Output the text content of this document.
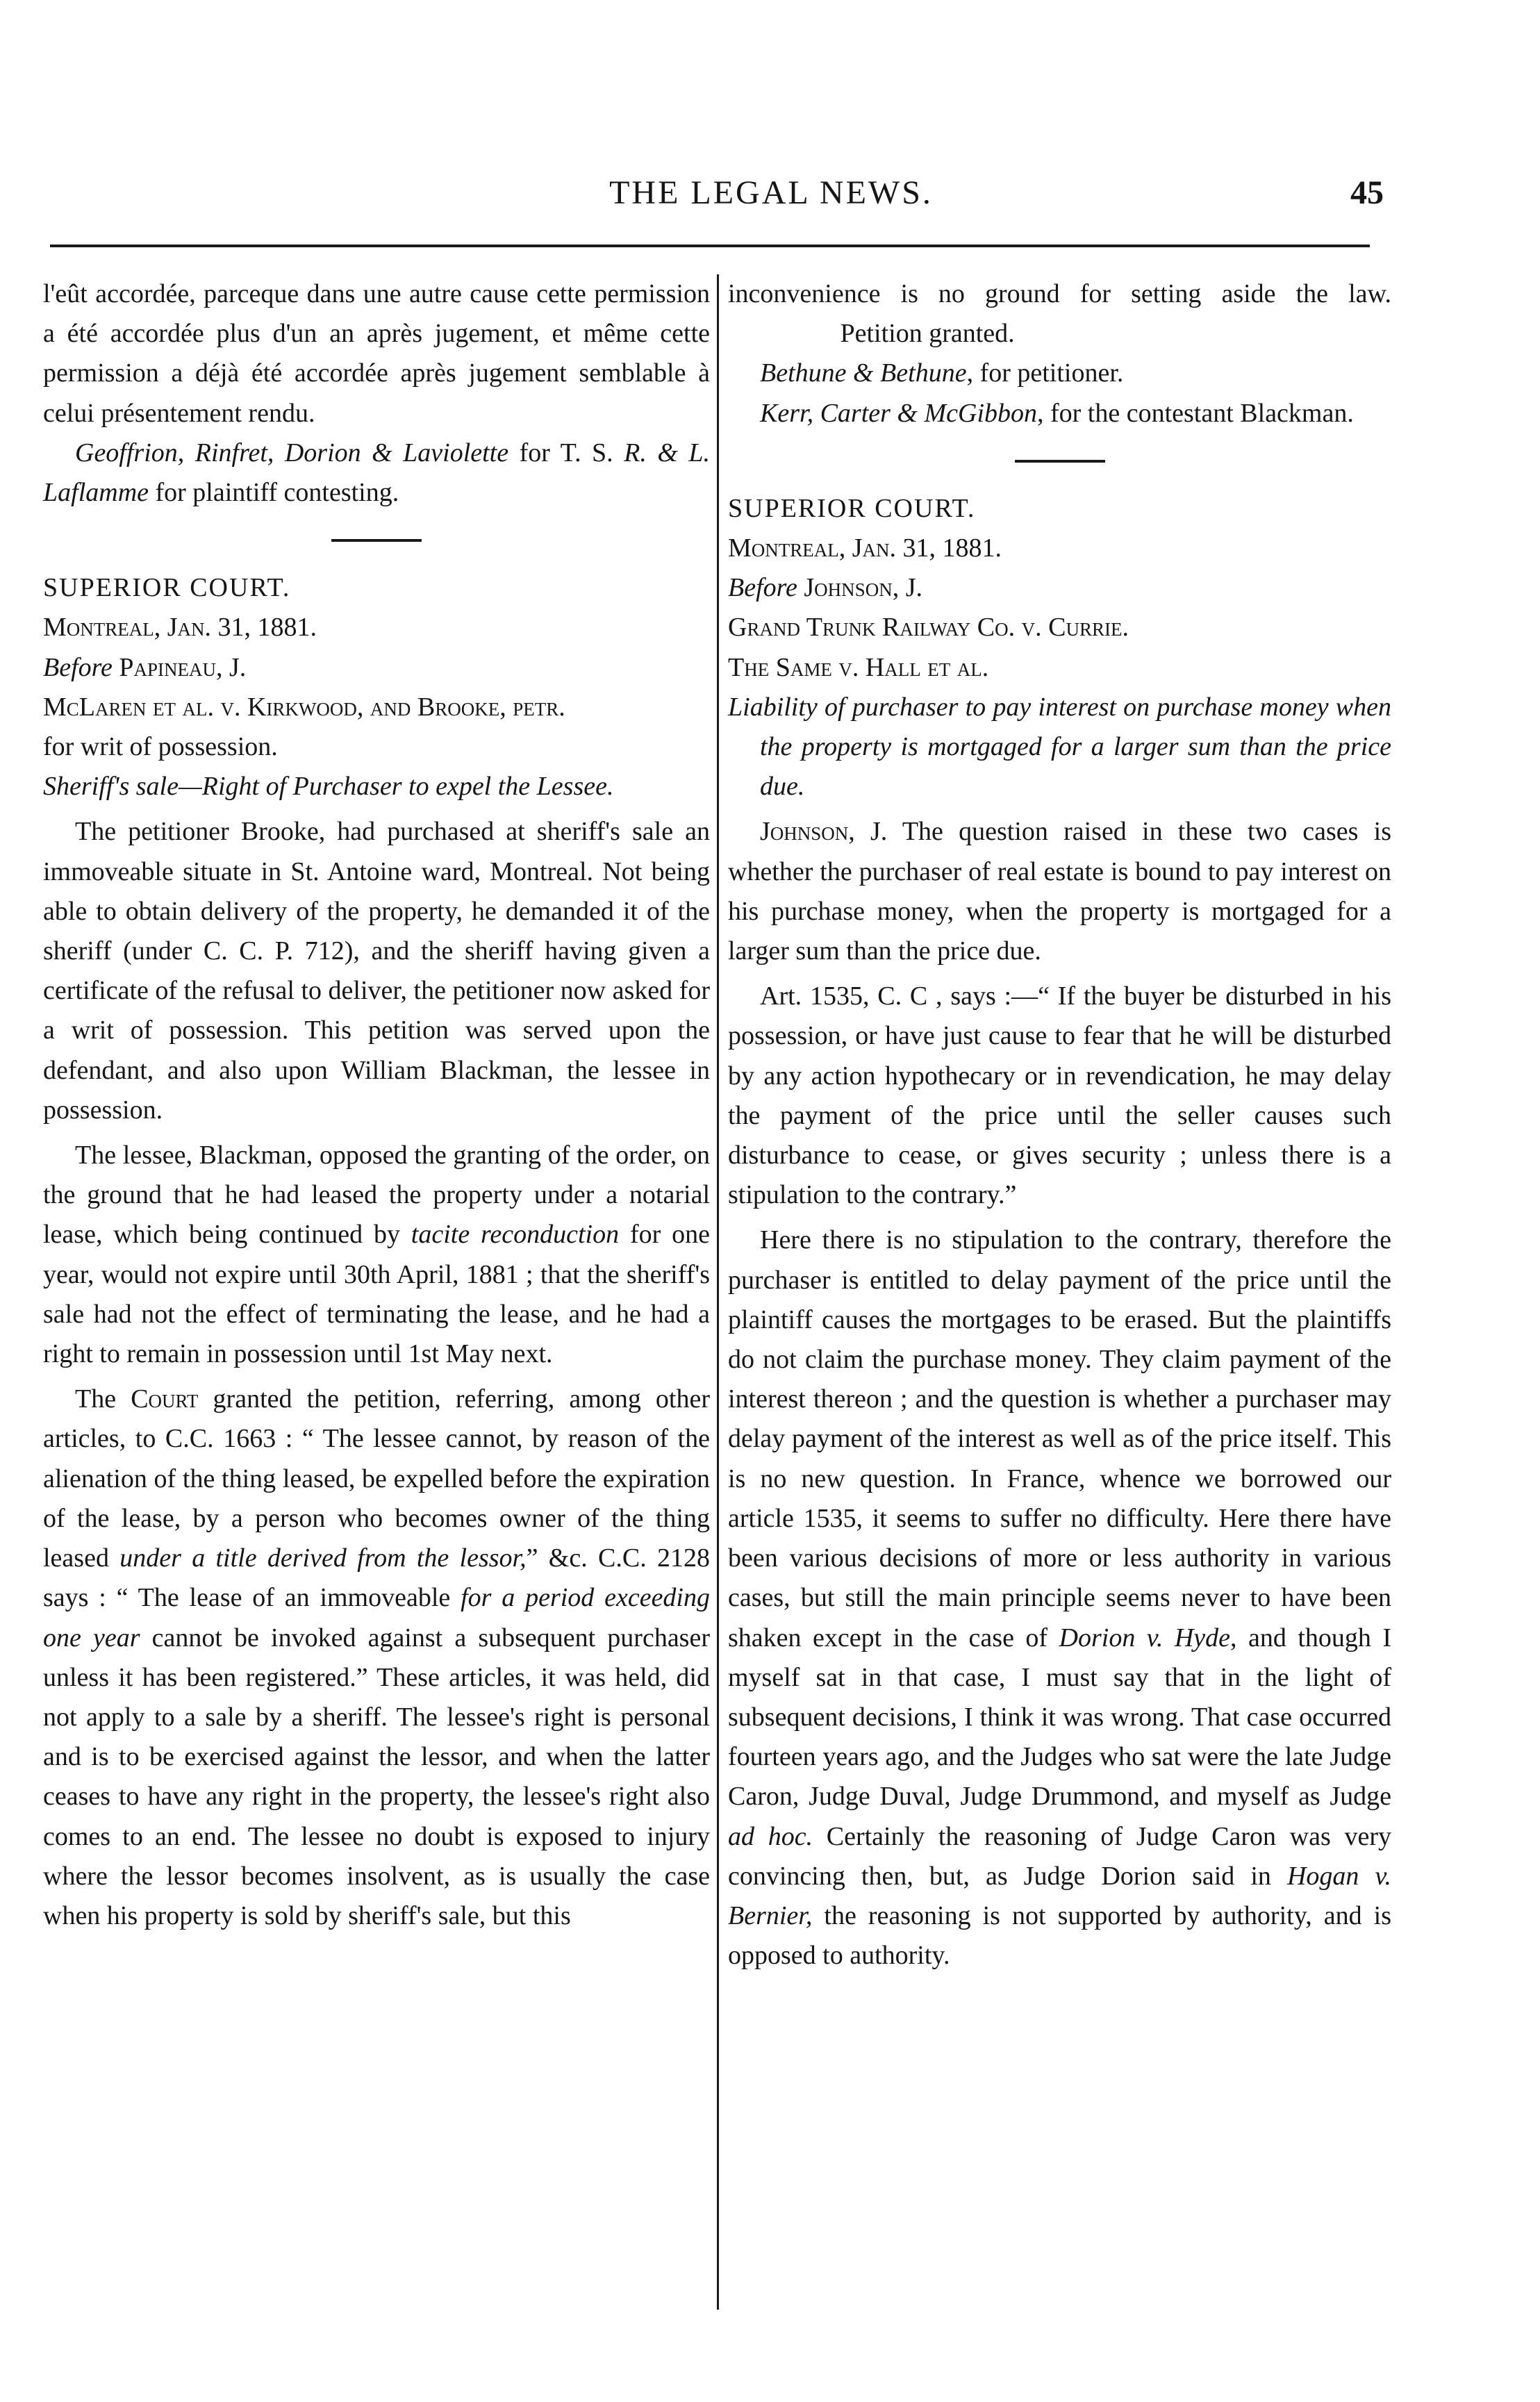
THE LEGAL NEWS.	45

l'eût accordée, parceque dans une autre cause cette permission a été accordée plus d'un an après jugement, et même cette permission a déjà été accordée après jugement semblable à celui présentement rendu.

Geoffrion, Rinfret, Dorion & Laviolette for T. S. R. & L. Laflamme for plaintiff contesting.

SUPERIOR COURT.

Montreal, Jan. 31, 1881.

Before Papineau, J.

McLaren et al. v. Kirkwood, and Brooke, petr.

for writ of possession.

Sheriff's sale—Right of Purchaser to expel the Lessee.

The petitioner Brooke, had purchased at sheriff's sale an immoveable situate in St. Antoine ward, Montreal. Not being able to obtain delivery of the property, he demanded it of the sheriff (under C. C. P. 712), and the sheriff having given a certificate of the refusal to deliver, the petitioner now asked for a writ of possession. This petition was served upon the defendant, and also upon William Blackman, the lessee in possession.

The lessee, Blackman, opposed the granting of the order, on the ground that he had leased the property under a notarial lease, which being continued by tacite reconduction for one year, would not expire until 30th April, 1881 ; that the sheriff's sale had not the effect of terminating the lease, and he had a right to remain in possession until 1st May next.

The Court granted the petition, referring, among other articles, to C.C. 1663 : “ The lessee cannot, by reason of the alienation of the thing leased, be expelled before the expiration of the lease, by a person who becomes owner of the thing leased under a title derived from the lessor,” &c. C.C. 2128 says : “ The lease of an immoveable for a period exceeding one year cannot be invoked against a subsequent purchaser unless it has been registered.” These articles, it was held, did not apply to a sale by a sheriff. The lessee's right is personal and is to be exercised against the lessor, and when the latter ceases to have any right in the property, the lessee's right also comes to an end. The lessee no doubt is exposed to injury where the lessor becomes insolvent, as is usually the case when his property is sold by sheriff's sale, but this

inconvenience is no ground for setting aside the law.                  Petition granted.

Bethune & Bethune, for petitioner.

Kerr, Carter & McGibbon, for the contestant Blackman.

SUPERIOR COURT.

Montreal, Jan. 31, 1881.

Before Johnson, J.

Grand Trunk Railway Co. v. Currie.

The Same v. Hall et al.

Liability of purchaser to pay interest on purchase money when the property is mortgaged for a larger sum than the price due.

Johnson, J. The question raised in these two cases is whether the purchaser of real estate is bound to pay interest on his purchase money, when the property is mortgaged for a larger sum than the price due.

Art. 1535, C. C , says :—“ If the buyer be disturbed in his possession, or have just cause to fear that he will be disturbed by any action hypothecary or in revendication, he may delay the payment of the price until the seller causes such disturbance to cease, or gives security ; unless there is a stipulation to the contrary.”

Here there is no stipulation to the contrary, therefore the purchaser is entitled to delay payment of the price until the plaintiff causes the mortgages to be erased. But the plaintiffs do not claim the purchase money. They claim payment of the interest thereon ; and the question is whether a purchaser may delay payment of the interest as well as of the price itself. This is no new question. In France, whence we borrowed our article 1535, it seems to suffer no difficulty. Here there have been various decisions of more or less authority in various cases, but still the main principle seems never to have been shaken except in the case of Dorion v. Hyde, and though I myself sat in that case, I must say that in the light of subsequent decisions, I think it was wrong. That case occurred fourteen years ago, and the Judges who sat were the late Judge Caron, Judge Duval, Judge Drummond, and myself as Judge ad hoc. Certainly the reasoning of Judge Caron was very convincing then, but, as Judge Dorion said in Hogan v. Bernier, the reasoning is not supported by authority, and is opposed to authority.
